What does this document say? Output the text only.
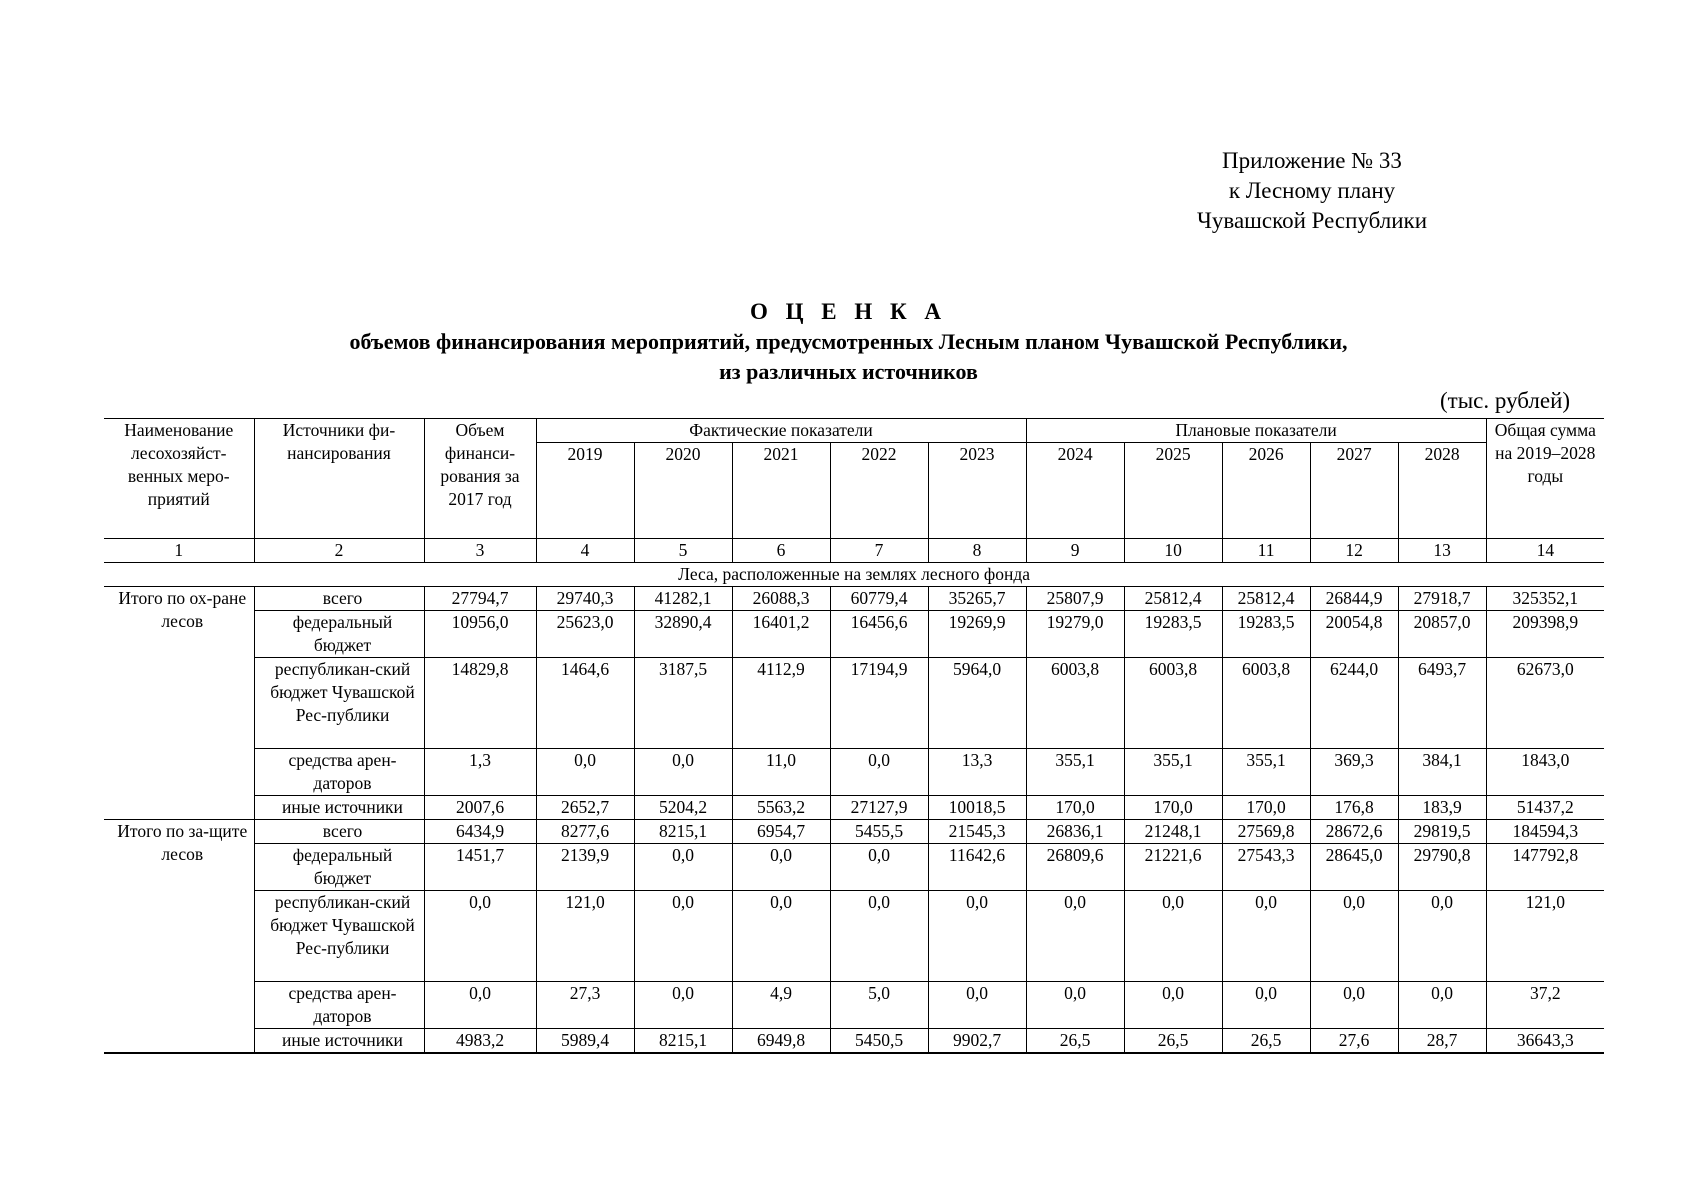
Приложение № 33
к Лесному плану
Чувашской Республики
О Ц Е Н К А
объемов финансирования мероприятий, предусмотренных Лесным планом Чувашской Республики,
из различных источников
(тыс. рублей)
Наименование лесохозяйст-венных меро-приятий	Источники фи-нансирования	Объем финанси-рования за 2017 год	Фактические показатели					Плановые показатели					Общая сумма на 2019–2028 годы
			2019	2020	2021	2022	2023	2024	2025	2026	2027	2028	
1	2	3	4	5	6	7	8	9	10	11	12	13	14
Леса, расположенные на землях лесного фонда													
Итого по ох-ране лесов	всего	27794,7	29740,3	41282,1	26088,3	60779,4	35265,7	25807,9	25812,4	25812,4	26844,9	27918,7	325352,1
	федеральный бюджет	10956,0	25623,0	32890,4	16401,2	16456,6	19269,9	19279,0	19283,5	19283,5	20054,8	20857,0	209398,9
	республикан-ский бюджет Чувашской Рес-публики	14829,8	1464,6	3187,5	4112,9	17194,9	5964,0	6003,8	6003,8	6003,8	6244,0	6493,7	62673,0
	средства арен-даторов	1,3	0,0	0,0	11,0	0,0	13,3	355,1	355,1	355,1	369,3	384,1	1843,0
	иные источники	2007,6	2652,7	5204,2	5563,2	27127,9	10018,5	170,0	170,0	170,0	176,8	183,9	51437,2
Итого по за-щите лесов	всего	6434,9	8277,6	8215,1	6954,7	5455,5	21545,3	26836,1	21248,1	27569,8	28672,6	29819,5	184594,3
	федеральный бюджет	1451,7	2139,9	0,0	0,0	0,0	11642,6	26809,6	21221,6	27543,3	28645,0	29790,8	147792,8
	республикан-ский бюджет Чувашской Рес-публики	0,0	121,0	0,0	0,0	0,0	0,0	0,0	0,0	0,0	0,0	0,0	121,0
	средства арен-даторов	0,0	27,3	0,0	4,9	5,0	0,0	0,0	0,0	0,0	0,0	0,0	37,2
	иные источники	4983,2	5989,4	8215,1	6949,8	5450,5	9902,7	26,5	26,5	26,5	27,6	28,7	36643,3
